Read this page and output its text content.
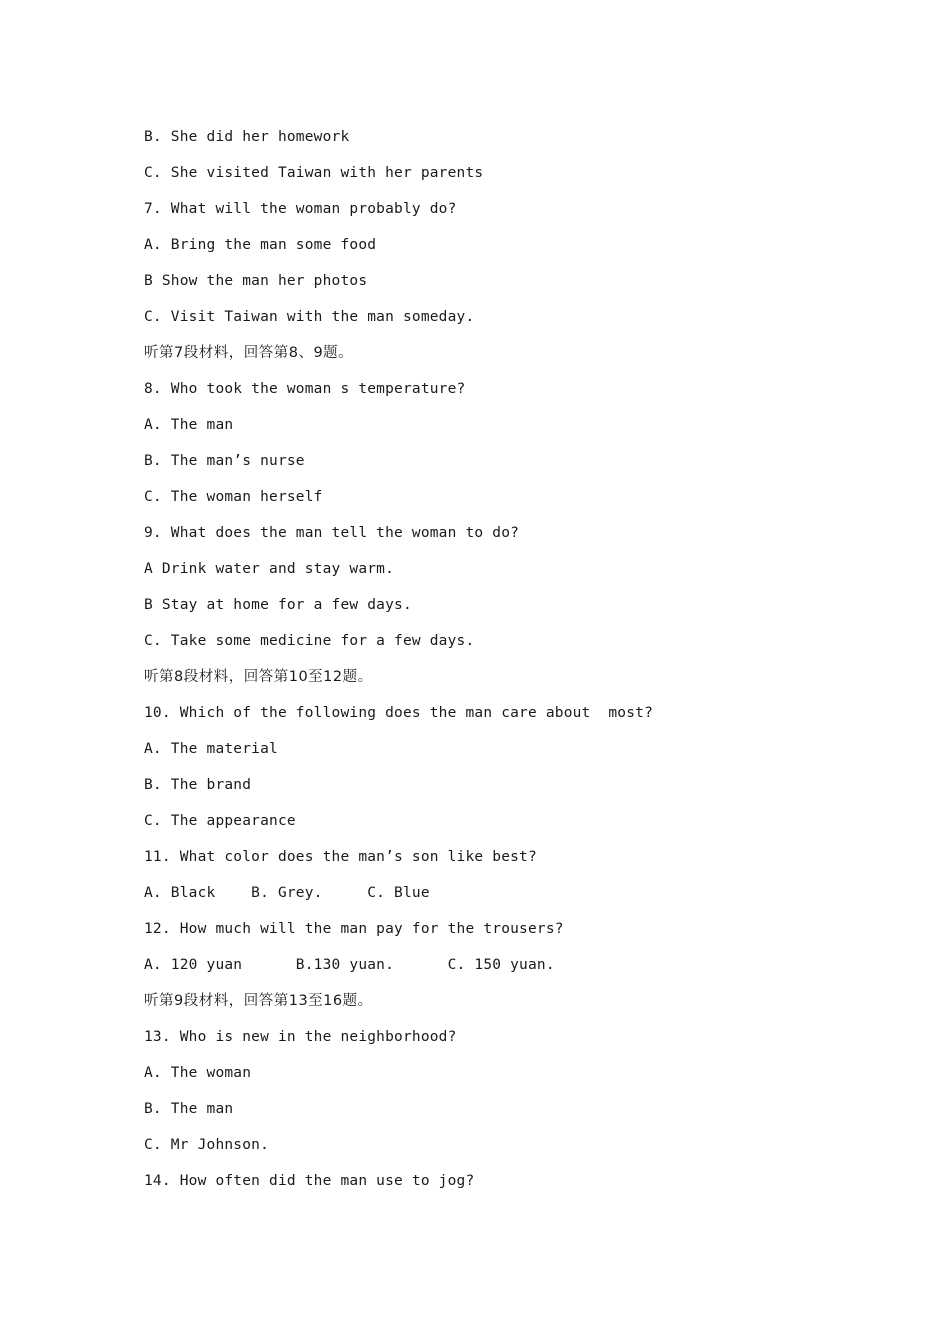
B. She did her homework
C. She visited Taiwan with her parents
7. What will the woman probably do?
A. Bring the man some food
B Show the man her photos
C. Visit Taiwan with the man someday.
听第7段材料，回答第8、9题。
8. Who took the woman s temperature?
A. The man
B. The man’s nurse
C. The woman herself
9. What does the man tell the woman to do?
A Drink water and stay warm.
B Stay at home for a few days.
C. Take some medicine for a few days.
听第8段材料，回答第10至12题。
10. Which of the following does the man care about  most?
A. The material
B. The brand
C. The appearance
11. What color does the man’s son like best?
A. Black    B. Grey.     C. Blue
12. How much will the man pay for the trousers?
A. 120 yuan      B.130 yuan.      C. 150 yuan.
听第9段材料，回答第13至16题。
13. Who is new in the neighborhood?
A. The woman
B. The man
C. Mr Johnson.
14. How often did the man use to jog?
